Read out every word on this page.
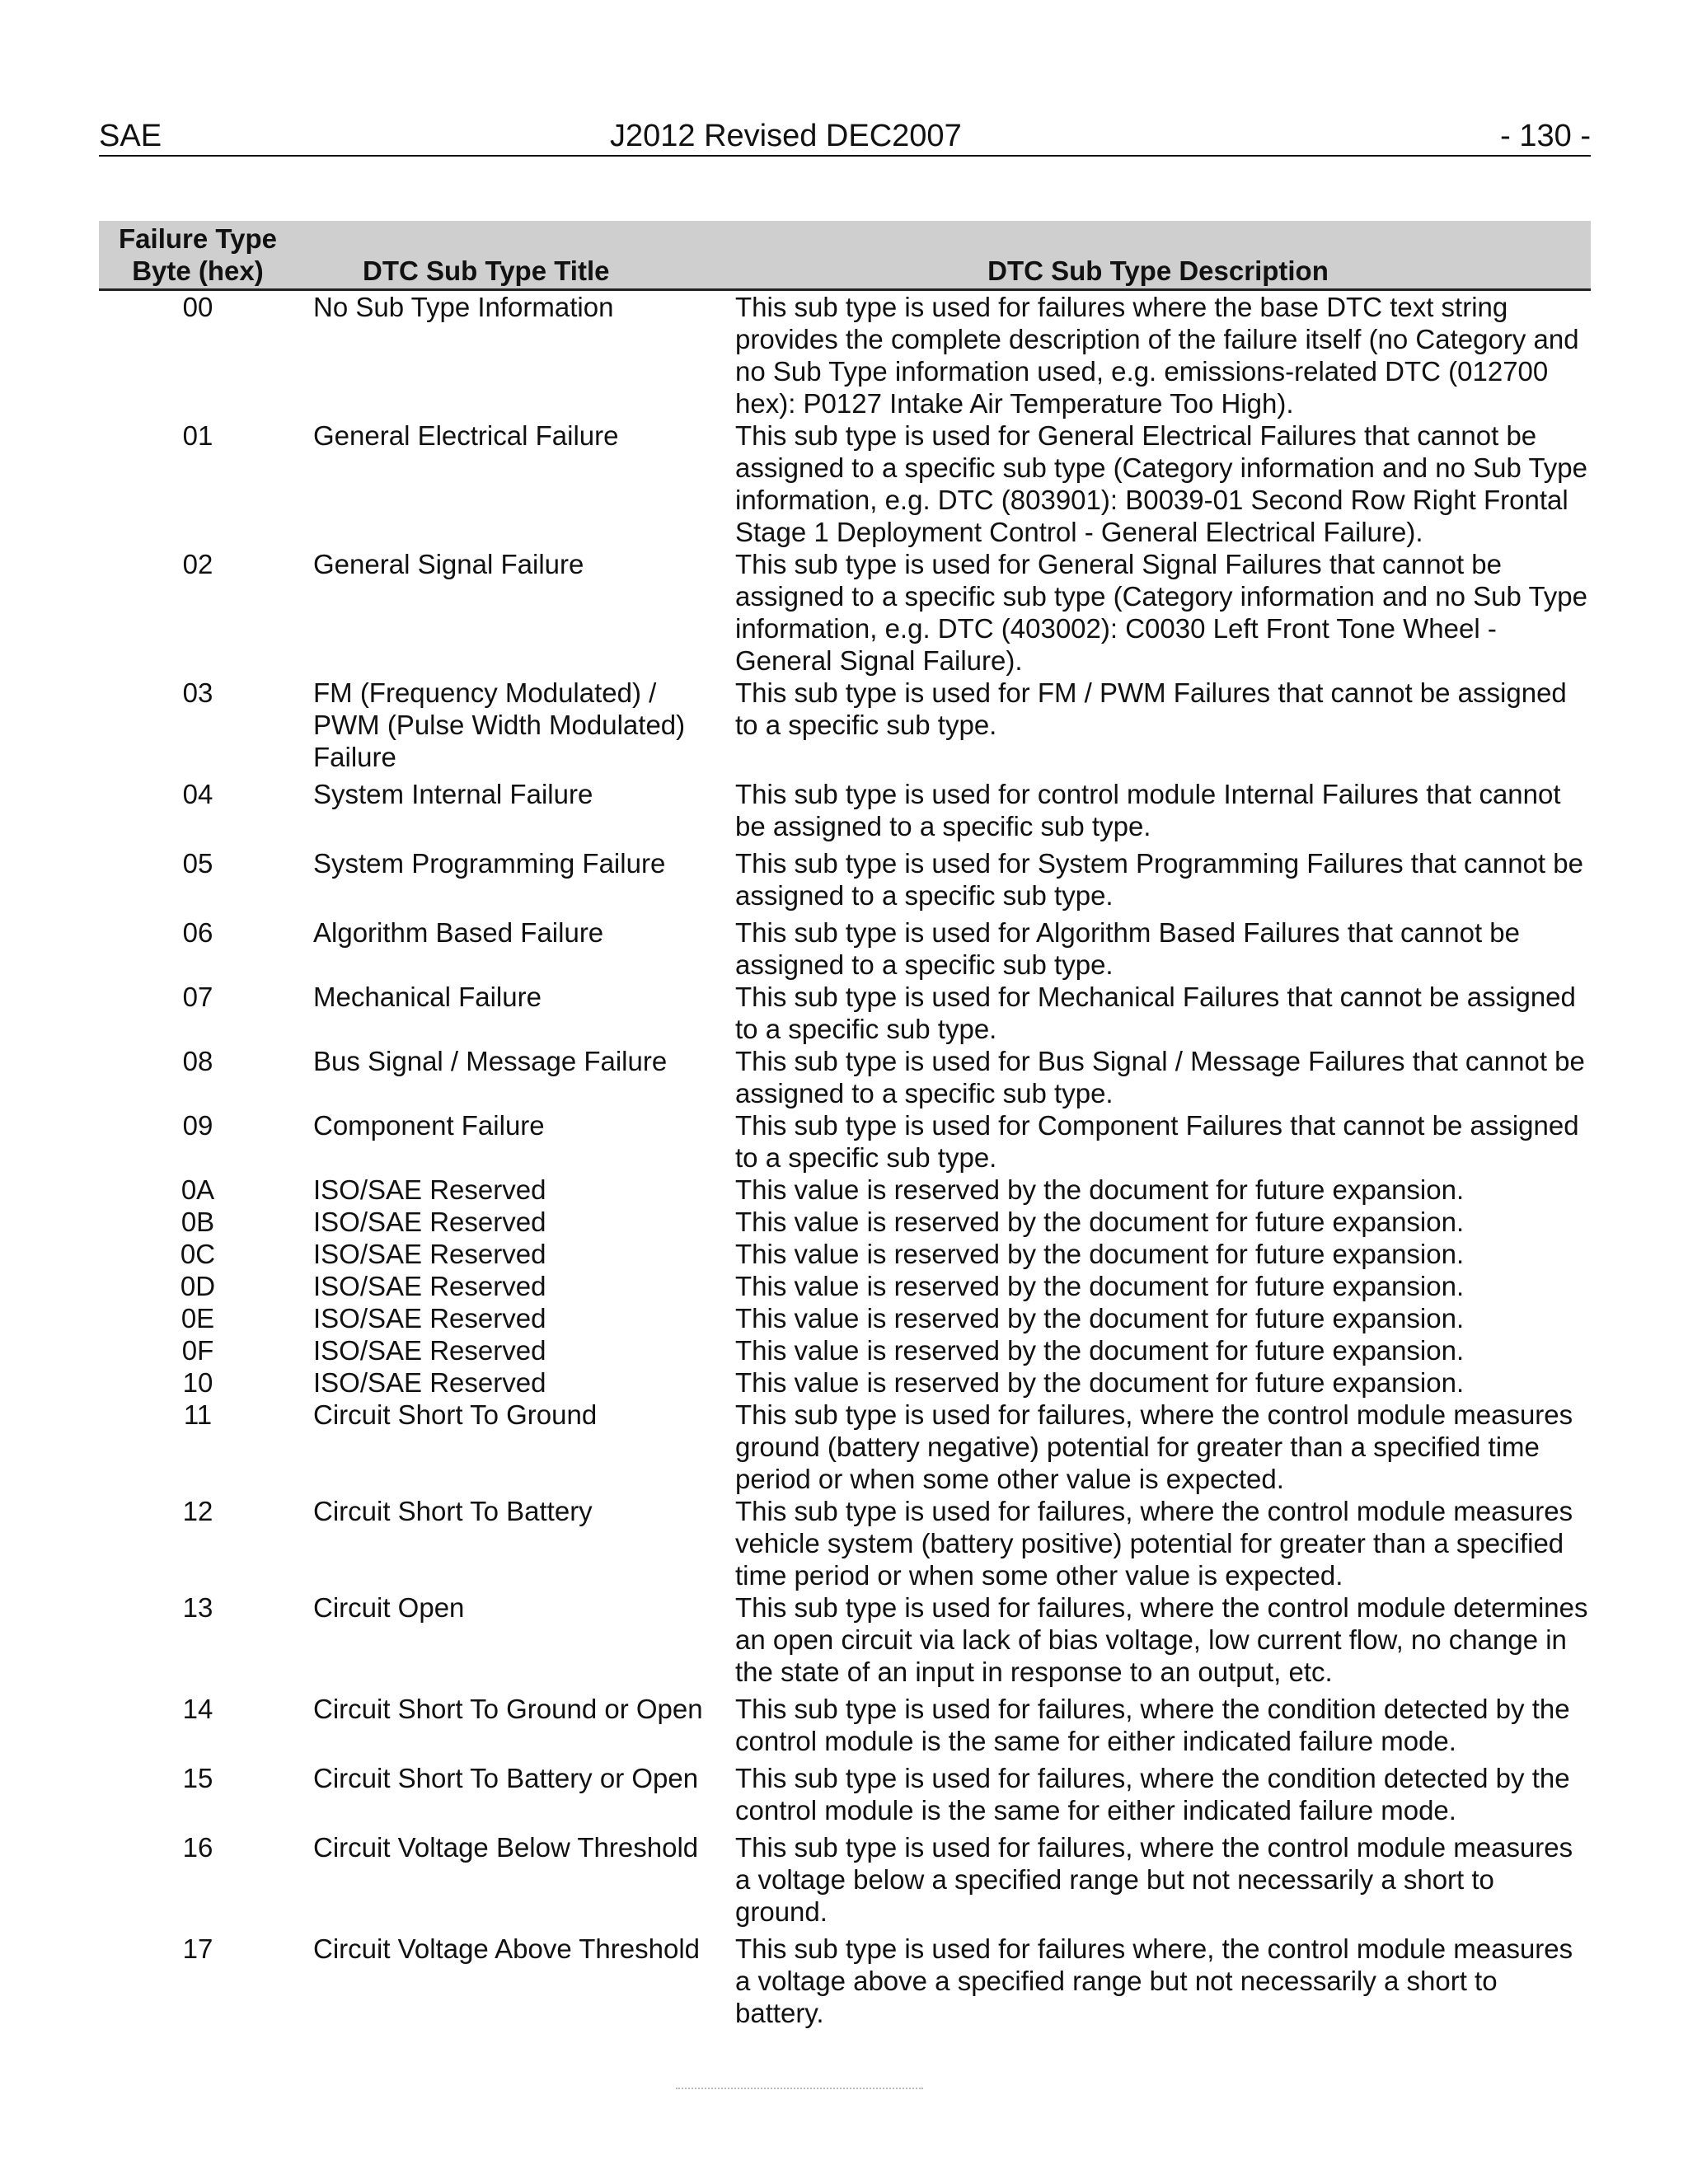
SAE	J2012 Revised DEC2007	- 130 -
Failure Type
Byte (hex)	DTC Sub Type Title	DTC Sub Type Description

00	No Sub Type Information	This sub type is used for failures where the base DTC text string provides the complete description of the failure itself (no Category and no Sub Type information used, e.g. emissions-related DTC (012700 hex): P0127 Intake Air Temperature Too High).
01	General Electrical Failure	This sub type is used for General Electrical Failures that cannot be assigned to a specific sub type (Category information and no Sub Type information, e.g. DTC (803901): B0039-01 Second Row Right Frontal Stage 1 Deployment Control - General Electrical Failure).
02	General Signal Failure	This sub type is used for General Signal Failures that cannot be assigned to a specific sub type (Category information and no Sub Type information, e.g. DTC (403002): C0030 Left Front Tone Wheel - General Signal Failure).
03	FM (Frequency Modulated) / PWM (Pulse Width Modulated) Failure	This sub type is used for FM / PWM Failures that cannot be assigned to a specific sub type.
04	System Internal Failure	This sub type is used for control module Internal Failures that cannot be assigned to a specific sub type.
05	System Programming Failure	This sub type is used for System Programming Failures that cannot be assigned to a specific sub type.
06	Algorithm Based Failure	This sub type is used for Algorithm Based Failures that cannot be assigned to a specific sub type.
07	Mechanical Failure	This sub type is used for Mechanical Failures that cannot be assigned to a specific sub type.
08	Bus Signal / Message Failure	This sub type is used for Bus Signal / Message Failures that cannot be assigned to a specific sub type.
09	Component Failure	This sub type is used for Component Failures that cannot be assigned to a specific sub type.
0A	ISO/SAE Reserved	This value is reserved by the document for future expansion.
0B	ISO/SAE Reserved	This value is reserved by the document for future expansion.
0C	ISO/SAE Reserved	This value is reserved by the document for future expansion.
0D	ISO/SAE Reserved	This value is reserved by the document for future expansion.
0E	ISO/SAE Reserved	This value is reserved by the document for future expansion.
0F	ISO/SAE Reserved	This value is reserved by the document for future expansion.
10	ISO/SAE Reserved	This value is reserved by the document for future expansion.
11	Circuit Short To Ground	This sub type is used for failures, where the control module measures ground (battery negative) potential for greater than a specified time period or when some other value is expected.
12	Circuit Short To Battery	This sub type is used for failures, where the control module measures vehicle system (battery positive) potential for greater than a specified time period or when some other value is expected.
13	Circuit Open	This sub type is used for failures, where the control module determines an open circuit via lack of bias voltage, low current flow, no change in the state of an input in response to an output, etc.
14	Circuit Short To Ground or Open	This sub type is used for failures, where the condition detected by the control module is the same for either indicated failure mode.
15	Circuit Short To Battery or Open	This sub type is used for failures, where the condition detected by the control module is the same for either indicated failure mode.
16	Circuit Voltage Below Threshold	This sub type is used for failures, where the control module measures a voltage below a specified range but not necessarily a short to ground.
17	Circuit Voltage Above Threshold	This sub type is used for failures where, the control module measures a voltage above a specified range but not necessarily a short to battery.
